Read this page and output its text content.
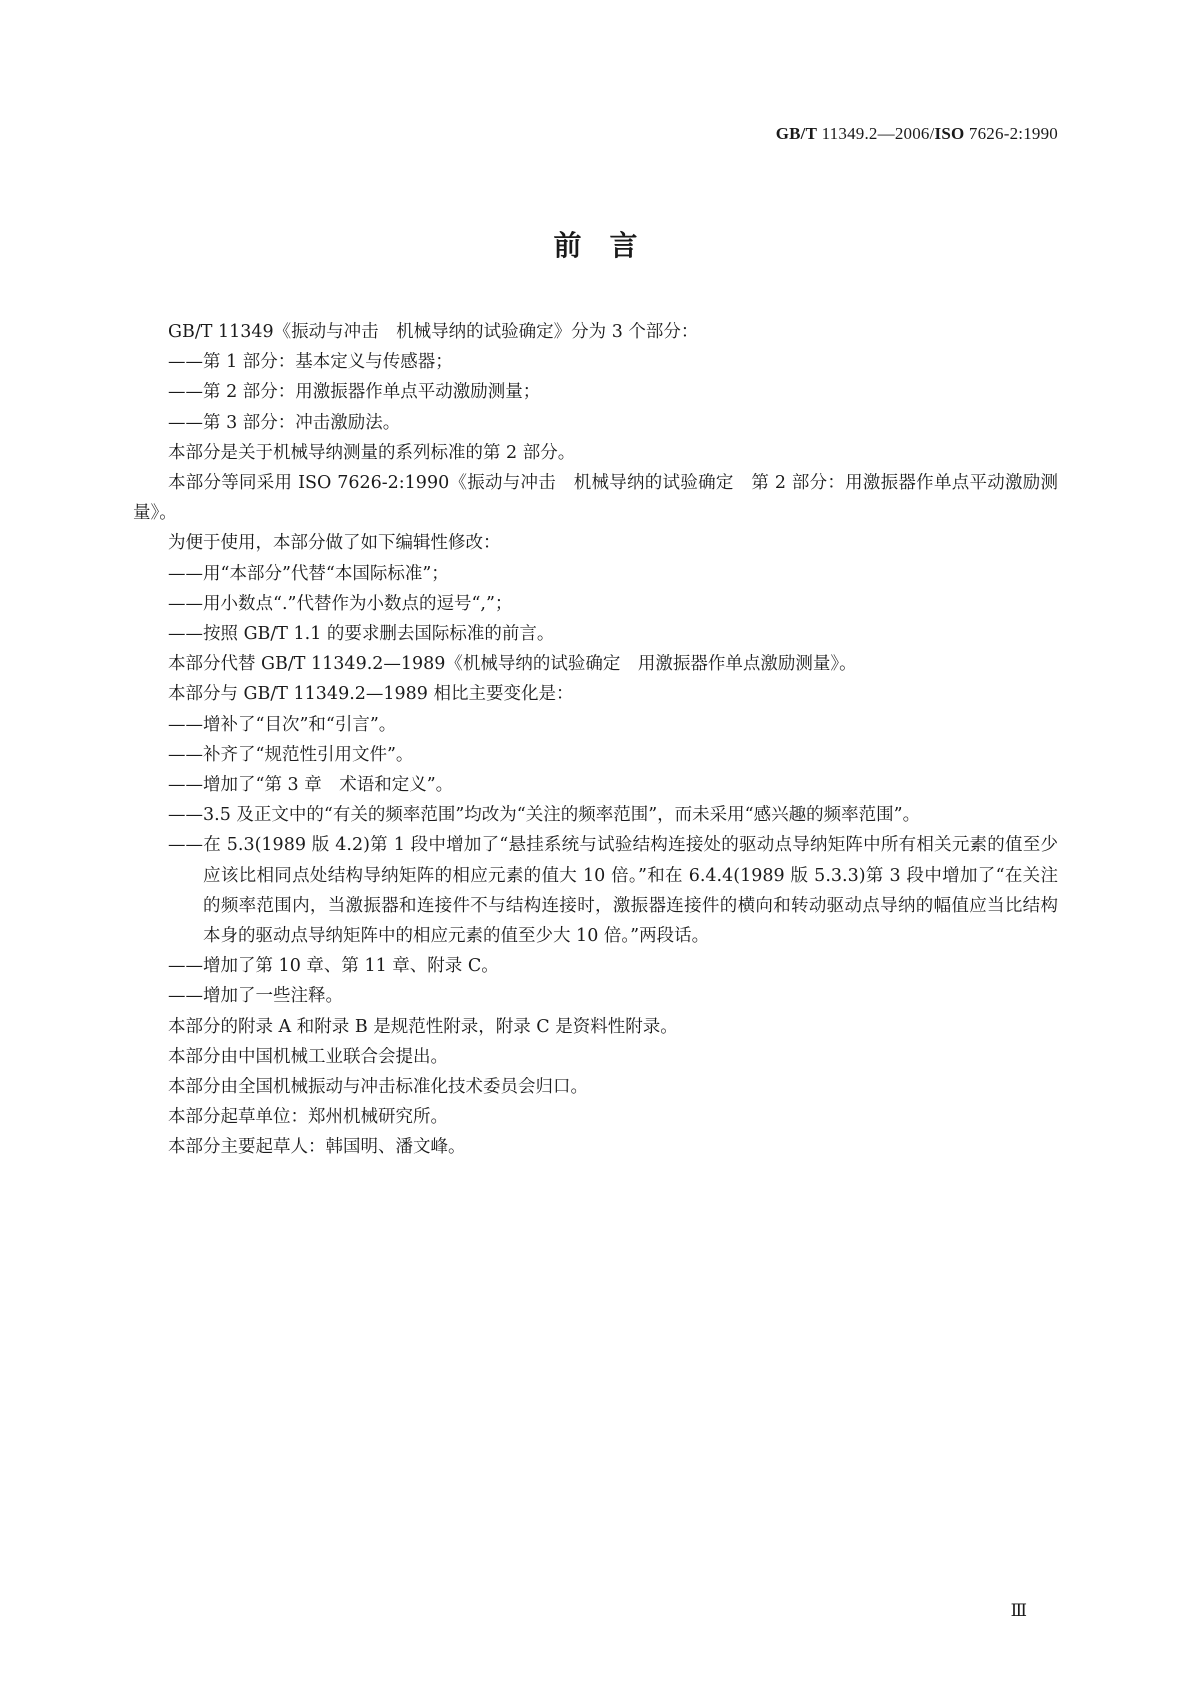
GB/T 11349.2—2006/ISO 7626-2:1990
前言
GB/T 11349《振动与冲击　机械导纳的试验确定》分为 3 个部分：
——第 1 部分：基本定义与传感器；
——第 2 部分：用激振器作单点平动激励测量；
——第 3 部分：冲击激励法。
本部分是关于机械导纳测量的系列标准的第 2 部分。
本部分等同采用 ISO 7626-2:1990《振动与冲击　机械导纳的试验确定　第 2 部分：用激振器作单点平动激励测量》。
为便于使用，本部分做了如下编辑性修改：
——用“本部分”代替“本国际标准”；
——用小数点“.”代替作为小数点的逗号“,”；
——按照 GB/T 1.1 的要求删去国际标准的前言。
本部分代替 GB/T 11349.2—1989《机械导纳的试验确定　用激振器作单点激励测量》。
本部分与 GB/T 11349.2—1989 相比主要变化是：
——增补了“目次”和“引言”。
——补齐了“规范性引用文件”。
——增加了“第 3 章　术语和定义”。
——3.5 及正文中的“有关的频率范围”均改为“关注的频率范围”，而未采用“感兴趣的频率范围”。
——在 5.3(1989 版 4.2)第 1 段中增加了“悬挂系统与试验结构连接处的驱动点导纳矩阵中所有相关元素的值至少应该比相同点处结构导纳矩阵的相应元素的值大 10 倍。”和在 6.4.4(1989 版 5.3.3)第 3 段中增加了“在关注的频率范围内，当激振器和连接件不与结构连接时，激振器连接件的横向和转动驱动点导纳的幅值应当比结构本身的驱动点导纳矩阵中的相应元素的值至少大 10 倍。”两段话。
——增加了第 10 章、第 11 章、附录 C。
——增加了一些注释。
本部分的附录 A 和附录 B 是规范性附录，附录 C 是资料性附录。
本部分由中国机械工业联合会提出。
本部分由全国机械振动与冲击标准化技术委员会归口。
本部分起草单位：郑州机械研究所。
本部分主要起草人：韩国明、潘文峰。
Ⅲ
